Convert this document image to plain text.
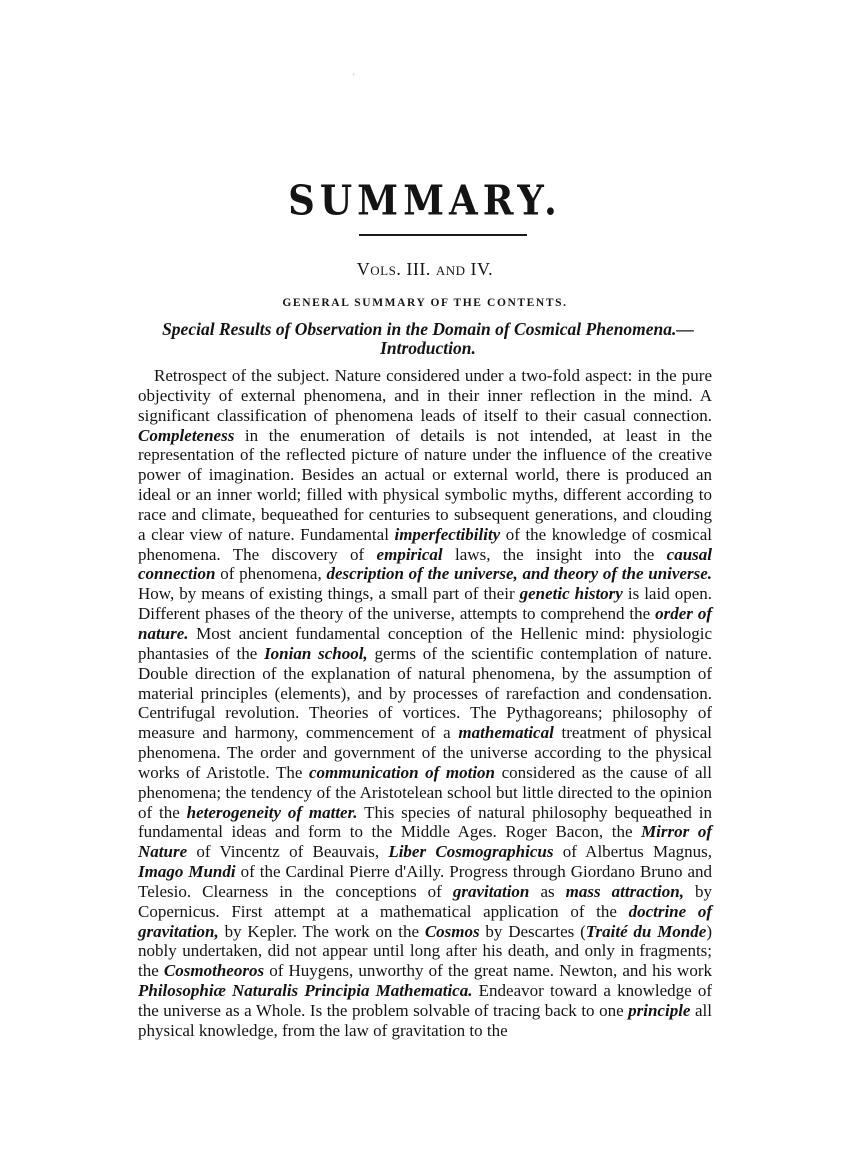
·
SUMMARY.
Vols. III. and IV.
GENERAL SUMMARY OF THE CONTENTS.
Special Results of Observation in the Domain of Cosmical Phenomena.—Introduction.
Retrospect of the subject. Nature considered under a two-fold aspect: in the pure objectivity of external phenomena, and in their inner reflection in the mind. A significant classification of phenomena leads of itself to their casual connection. Completeness in the enumeration of details is not intended, at least in the representation of the reflected picture of nature under the influence of the creative power of imagination. Besides an actual or external world, there is produced an ideal or an inner world; filled with physical symbolic myths, different according to race and climate, bequeathed for centuries to subsequent generations, and clouding a clear view of nature. Fundamental imperfectibility of the knowledge of cosmical phenomena. The discovery of empirical laws, the insight into the causal connection of phenomena, description of the universe, and theory of the universe. How, by means of existing things, a small part of their genetic history is laid open. Different phases of the theory of the universe, attempts to comprehend the order of nature. Most ancient fundamental conception of the Hellenic mind: physiologic phantasies of the Ionian school, germs of the scientific contemplation of nature. Double direction of the explanation of natural phenomena, by the assumption of material principles (elements), and by processes of rarefaction and condensation. Centrifugal revolution. Theories of vortices. The Pythagoreans; philosophy of measure and harmony, commencement of a mathematical treatment of physical phenomena. The order and government of the universe according to the physical works of Aristotle. The communication of motion considered as the cause of all phenomena; the tendency of the Aristotelean school but little directed to the opinion of the heterogeneity of matter. This species of natural philosophy bequeathed in fundamental ideas and form to the Middle Ages. Roger Bacon, the Mirror of Nature of Vincentz of Beauvais, Liber Cosmographicus of Albertus Magnus, Imago Mundi of the Cardinal Pierre d'Ailly. Progress through Giordano Bruno and Telesio. Clearness in the conceptions of gravitation as mass attraction, by Copernicus. First attempt at a mathematical application of the doctrine of gravitation, by Kepler. The work on the Cosmos by Descartes (Traité du Monde) nobly undertaken, did not appear until long after his death, and only in fragments; the Cosmotheoros of Huygens, unworthy of the great name. Newton, and his work Philosophiæ Naturalis Principia Mathematica. Endeavor toward a knowledge of the universe as a Whole. Is the problem solvable of tracing back to one principle all physical knowledge, from the law of gravitation to the
